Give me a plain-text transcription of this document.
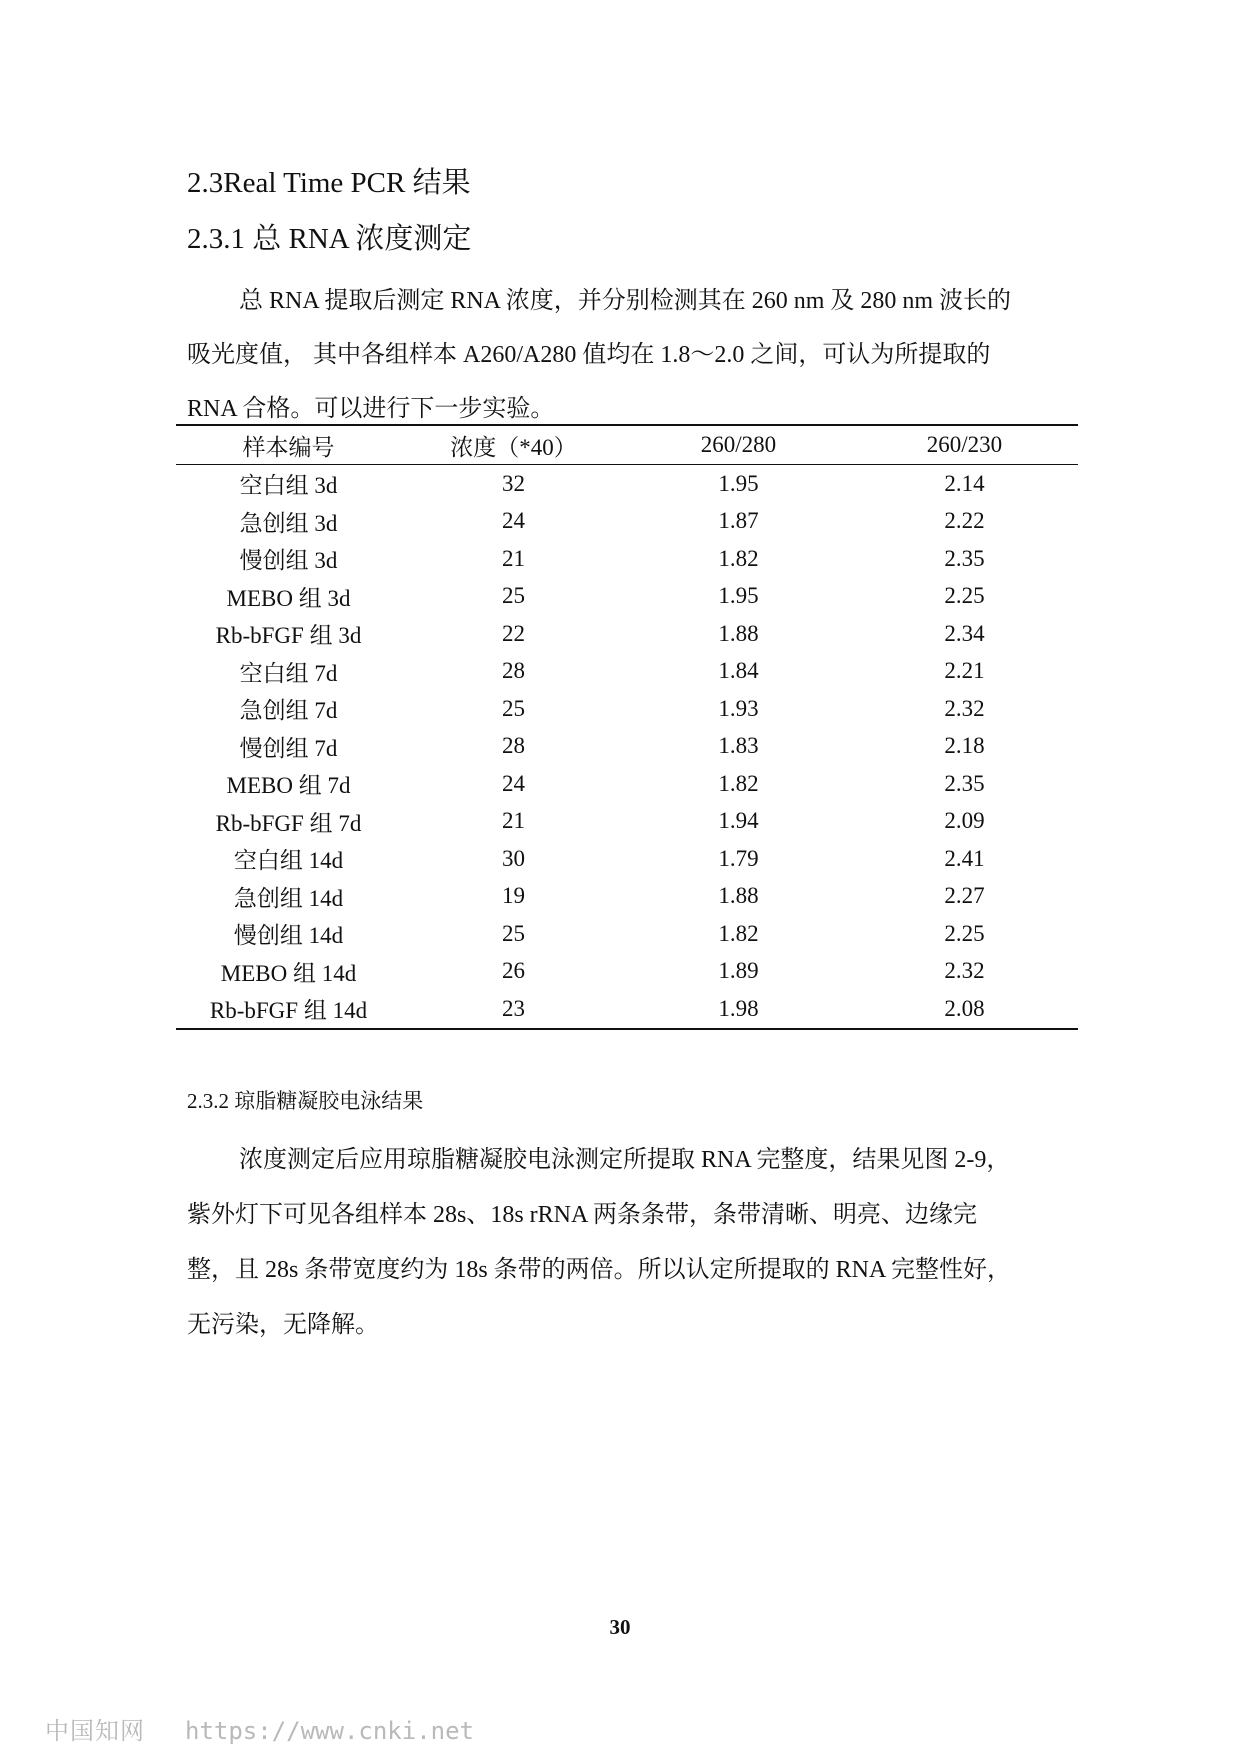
2.3Real Time PCR 结果
2.3.1 总 RNA 浓度测定

总 RNA 提取后测定 RNA 浓度，并分别检测其在 260 nm 及 280 nm 波长的

吸光度值， 其中各组样本 A260/A280 值均在 1.8～2.0 之间，可认为所提取的

RNA 合格。可以进行下一步实验。

样本编号	浓度（*40）	260/280	260/230
空白组 3d	32	1.95	2.14
急创组 3d	24	1.87	2.22
慢创组 3d	21	1.82	2.35
MEBO 组 3d	25	1.95	2.25
Rb-bFGF 组 3d	22	1.88	2.34
空白组 7d	28	1.84	2.21
急创组 7d	25	1.93	2.32
慢创组 7d	28	1.83	2.18
MEBO 组 7d	24	1.82	2.35
Rb-bFGF 组 7d	21	1.94	2.09
空白组 14d	30	1.79	2.41
急创组 14d	19	1.88	2.27
慢创组 14d	25	1.82	2.25
MEBO 组 14d	26	1.89	2.32
Rb-bFGF 组 14d	23	1.98	2.08
2.3.2 琼脂糖凝胶电泳结果

浓度测定后应用琼脂糖凝胶电泳测定所提取 RNA 完整度，结果见图 2-9，

紫外灯下可见各组样本 28s、18s rRNA 两条条带，条带清晰、明亮、边缘完

整，且 28s 条带宽度约为 18s 条带的两倍。所以认定所提取的 RNA 完整性好，

无污染，无降解。

30
中国知网 https://www.cnki.net
